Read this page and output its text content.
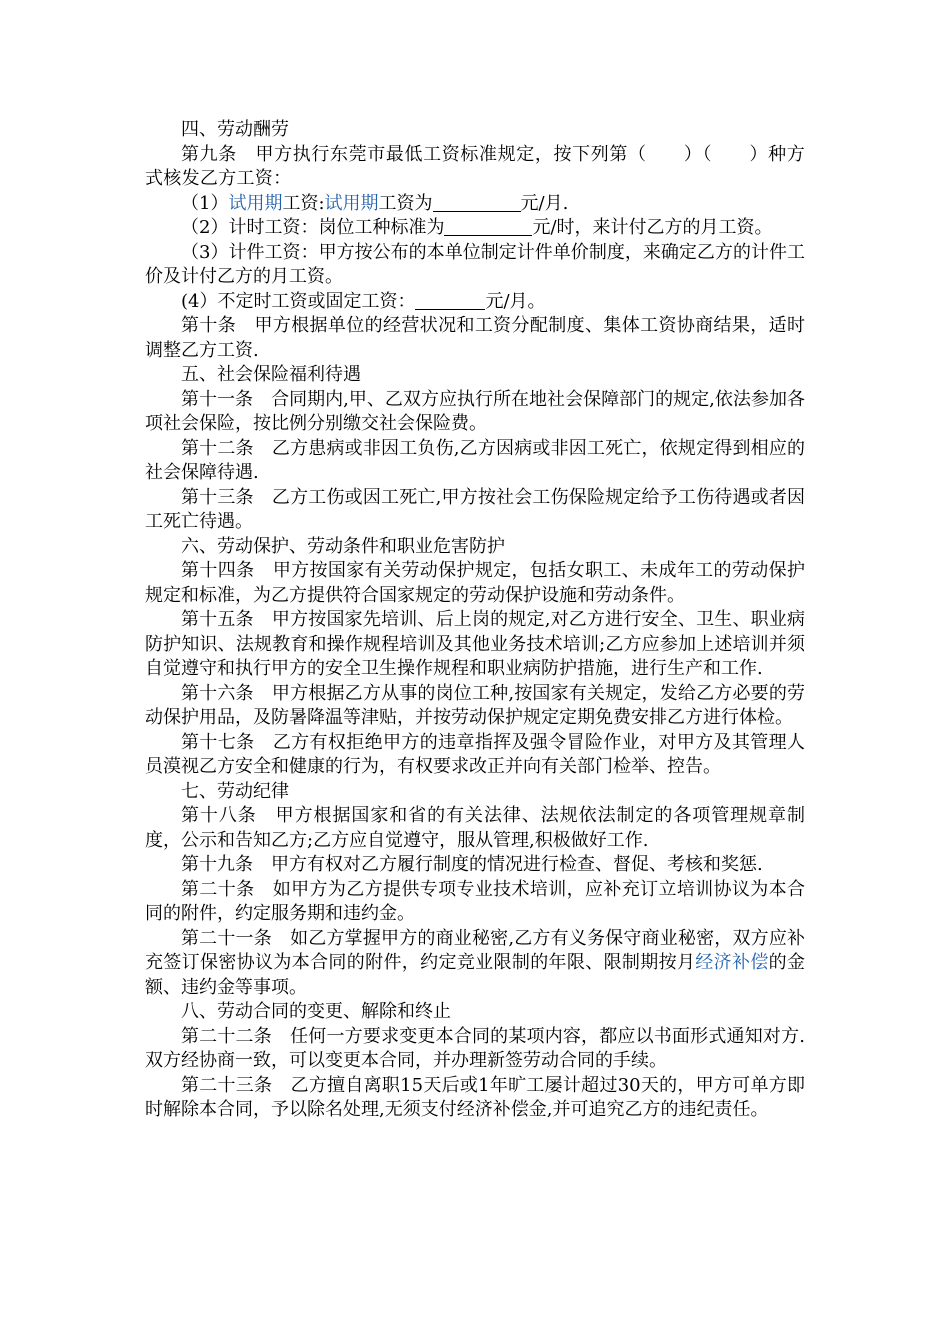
四、劳动酬劳

第九条　甲方执行东莞市最低工资标准规定，按下列第（　　）（　　）种方式核发乙方工资：

（1）试用期工资:试用期工资为	元/月.

（2）计时工资：岗位工种标准为	元/时，来计付乙方的月工资。

（3）计件工资：甲方按公布的本单位制定计件单价制度，来确定乙方的计件工价及计付乙方的月工资。

(4）不定时工资或固定工资：	元/月。

第十条　甲方根据单位的经营状况和工资分配制度、集体工资协商结果，适时调整乙方工资.

五、社会保险福利待遇

第十一条　合同期内,甲、乙双方应执行所在地社会保障部门的规定,依法参加各项社会保险，按比例分别缴交社会保险费。

第十二条　乙方患病或非因工负伤,乙方因病或非因工死亡，依规定得到相应的社会保障待遇.

第十三条　乙方工伤或因工死亡,甲方按社会工伤保险规定给予工伤待遇或者因工死亡待遇。

六、劳动保护、劳动条件和职业危害防护

第十四条　甲方按国家有关劳动保护规定，包括女职工、未成年工的劳动保护规定和标准，为乙方提供符合国家规定的劳动保护设施和劳动条件。

第十五条　甲方按国家先培训、后上岗的规定,对乙方进行安全、卫生、职业病防护知识、法规教育和操作规程培训及其他业务技术培训;乙方应参加上述培训并须自觉遵守和执行甲方的安全卫生操作规程和职业病防护措施，进行生产和工作.

第十六条　甲方根据乙方从事的岗位工种,按国家有关规定，发给乙方必要的劳动保护用品，及防暑降温等津贴，并按劳动保护规定定期免费安排乙方进行体检。

第十七条　乙方有权拒绝甲方的违章指挥及强令冒险作业，对甲方及其管理人员漠视乙方安全和健康的行为，有权要求改正并向有关部门检举、控告。

七、劳动纪律

第十八条　甲方根据国家和省的有关法律、法规依法制定的各项管理规章制度，公示和告知乙方;乙方应自觉遵守，服从管理,积极做好工作.

第十九条　甲方有权对乙方履行制度的情况进行检查、督促、考核和奖惩.

第二十条　如甲方为乙方提供专项专业技术培训，应补充订立培训协议为本合同的附件，约定服务期和违约金。

第二十一条　如乙方掌握甲方的商业秘密,乙方有义务保守商业秘密，双方应补充签订保密协议为本合同的附件，约定竞业限制的年限、限制期按月经济补偿的金额、违约金等事项。

八、劳动合同的变更、解除和终止

第二十二条　任何一方要求变更本合同的某项内容，都应以书面形式通知对方.双方经协商一致，可以变更本合同，并办理新签劳动合同的手续。

第二十三条　乙方擅自离职15天后或1年旷工屡计超过30天的，甲方可单方即时解除本合同，予以除名处理,无须支付经济补偿金,并可追究乙方的违纪责任。
